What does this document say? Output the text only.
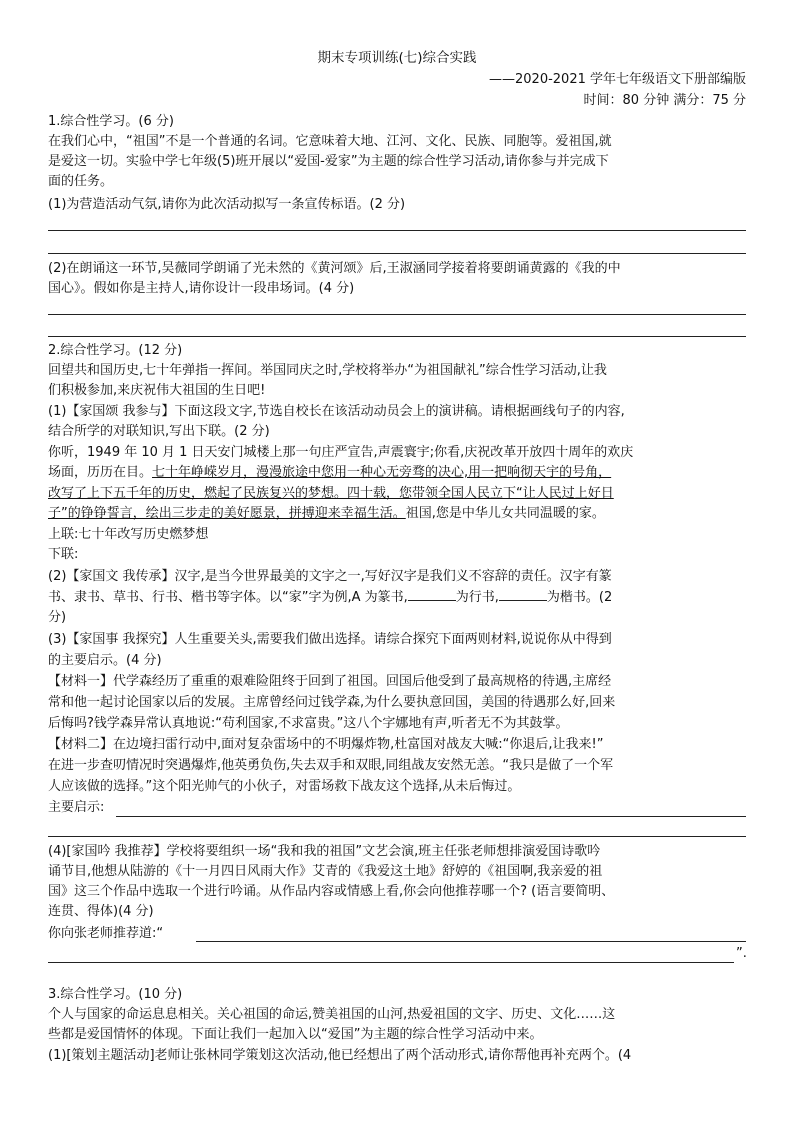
期末专项训练(七)综合实践
——2020-2021 学年七年级语文下册部编版
时间：80 分钟 满分：75 分
1.综合性学习。(6 分)
在我们心中，“祖国”不是一个普通的名词。它意味着大地、江河、文化、民族、同胞等。爱祖国,就
是爱这一切。实验中学七年级(5)班开展以“爱国-爱家”为主题的综合性学习活动,请你参与并完成下
面的任务。
(1)为营造活动气氛,请你为此次活动拟写一条宣传标语。(2 分)
(2)在朗诵这一环节,吴薇同学朗诵了光未然的《黄河颂》后,王淑涵同学接着将要朗诵黄露的《我的中
国心》。假如你是主持人,请你设计一段串场词。(4 分)
2.综合性学习。(12 分)
回望共和国历史,七十年弹指一挥间。举国同庆之时,学校将举办“为祖国献礼”综合性学习活动,让我
们积极参加,来庆祝伟大祖国的生日吧!
(1)【家国颂 我参与】下面这段文字,节选自校长在该活动动员会上的演讲稿。请根据画线句子的内容,
结合所学的对联知识,写出下联。(2 分)
你听，1949 年 10 月 1 日天安门城楼上那一句庄严宣告,声震寰宇;你看,庆祝改革开放四十周年的欢庆
场面，历历在目。七十年峥嵘岁月，漫漫旅途中您用一种心无旁骛的决心,用一把响彻天宇的号角，
改写了上下五千年的历史，燃起了民族复兴的梦想。四十载，您带领全国人民立下“让人民过上好日
子”的铮铮誓言，绘出三步走的美好愿景，拼搏迎来幸福生活。祖国,您是中华儿女共同温暖的家。
上联:七十年改写历史燃梦想
下联:
(2)【家国文 我传承】汉字,是当今世界最美的文字之一,写好汉字是我们义不容辞的责任。汉字有篆
书、隶书、草书、行书、楷书等字体。以“家”字为例,A 为篆书,	为行书,	为楷书。(2
分)
(3)【家国事 我探究】人生重要关头,需要我们做出选择。请综合探究下面两则材料,说说你从中得到
的主要启示。(4 分)
【材料一】代学森经历了重重的艰难险阻终于回到了祖国。回国后他受到了最高规格的待遇,主席经
常和他一起讨论国家以后的发展。主席曾经问过钱学森,为什么要执意回国，美国的待遇那么好,回来
后悔吗?钱学森异常认真地说:“苟利国家,不求富贵。”这八个字娜地有声,听者无不为其鼓掌。
【材料二】在边境扫雷行动中,面对复杂雷场中的不明爆炸物,杜富国对战友大喊:“你退后,让我来!”
在进一步查叨情况时突遇爆炸,他英勇负伤,失去双手和双眼,同组战友安然无恙。“我只是做了一个军
人应该做的选择。”这个阳光帅气的小伙子，对雷场救下战友这个选择,从未后悔过。
主要启示:
(4)[家国吟 我推荐】学校将要组织一场“我和我的祖国”文艺会演,班主任张老师想排演爱国诗歌吟
诵节目,他想从陆游的《十一月四日风雨大作》艾青的《我爱这土地》舒婷的《祖国啊,我亲爱的祖
国》这三个作品中选取一个进行吟诵。从作品内容或情感上看,你会向他推荐哪一个? (语言要简明、
连贯、得体)(4 分)
你向张老师推荐道:“
”.
3.综合性学习。(10 分)
个人与国家的命运息息相关。关心祖国的命运,赞美祖国的山河,热爱祖国的文字、历史、文化……这
些都是爱国情怀的体现。下面让我们一起加入以“爱国”为主题的综合性学习活动中来。
(1)[策划主题活动]老师让张林同学策划这次活动,他已经想出了两个活动形式,请你帮他再补充两个。(4
